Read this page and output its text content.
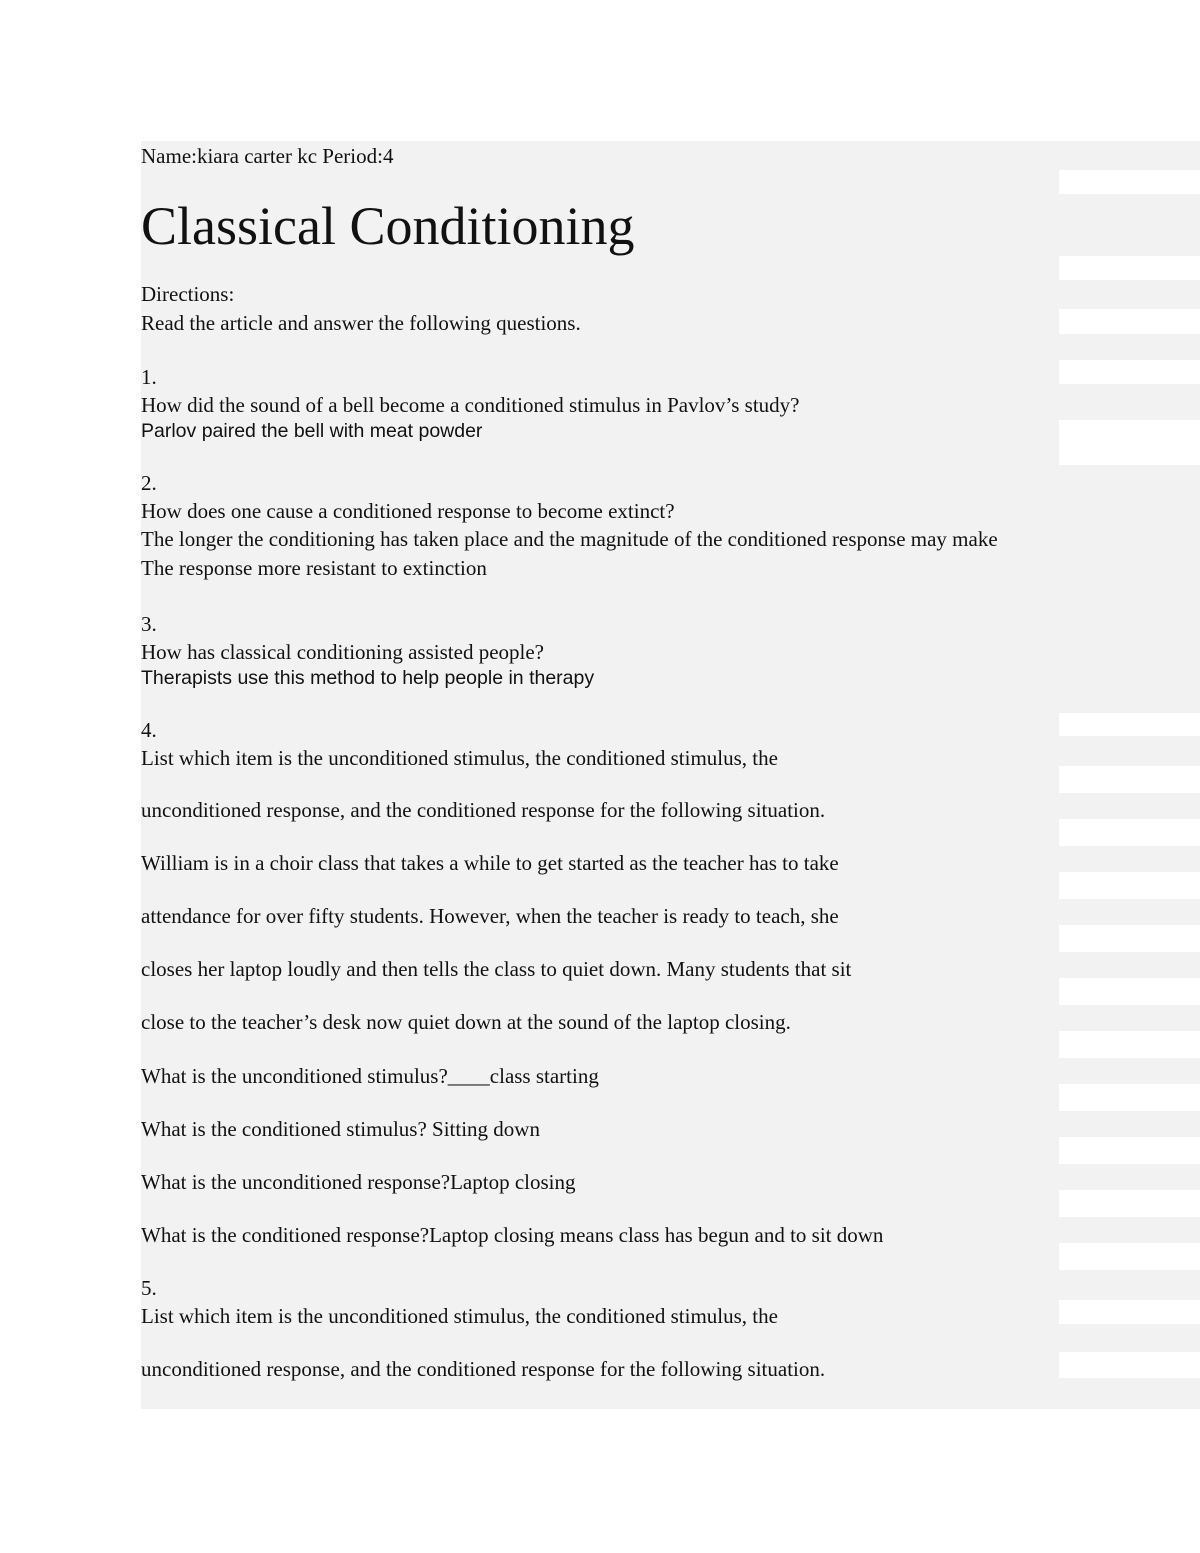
Name:kiara carter kc Period:4
Classical Conditioning
Directions:
Read the article and answer the following questions.
1.
How did the sound of a bell become a conditioned stimulus in Pavlov’s study?
Parlov paired the bell with meat powder
2.
How does one cause a conditioned response to become extinct?
The longer the conditioning has taken place and the magnitude of the conditioned response may make
The response more resistant to extinction
3.
How has classical conditioning assisted people?
Therapists use this method to help people in therapy
4.
List which item is the unconditioned stimulus, the conditioned stimulus, the
unconditioned response, and the conditioned response for the following situation.
William is in a choir class that takes a while to get started as the teacher has to take
attendance for over fifty students. However, when the teacher is ready to teach, she
closes her laptop loudly and then tells the class to quiet down. Many students that sit
close to the teacher’s desk now quiet down at the sound of the laptop closing.
What is the unconditioned stimulus?____class starting
What is the conditioned stimulus? Sitting down
What is the unconditioned response?Laptop closing
What is the conditioned response?Laptop closing means class has begun and to sit down
5.
List which item is the unconditioned stimulus, the conditioned stimulus, the
unconditioned response, and the conditioned response for the following situation.
